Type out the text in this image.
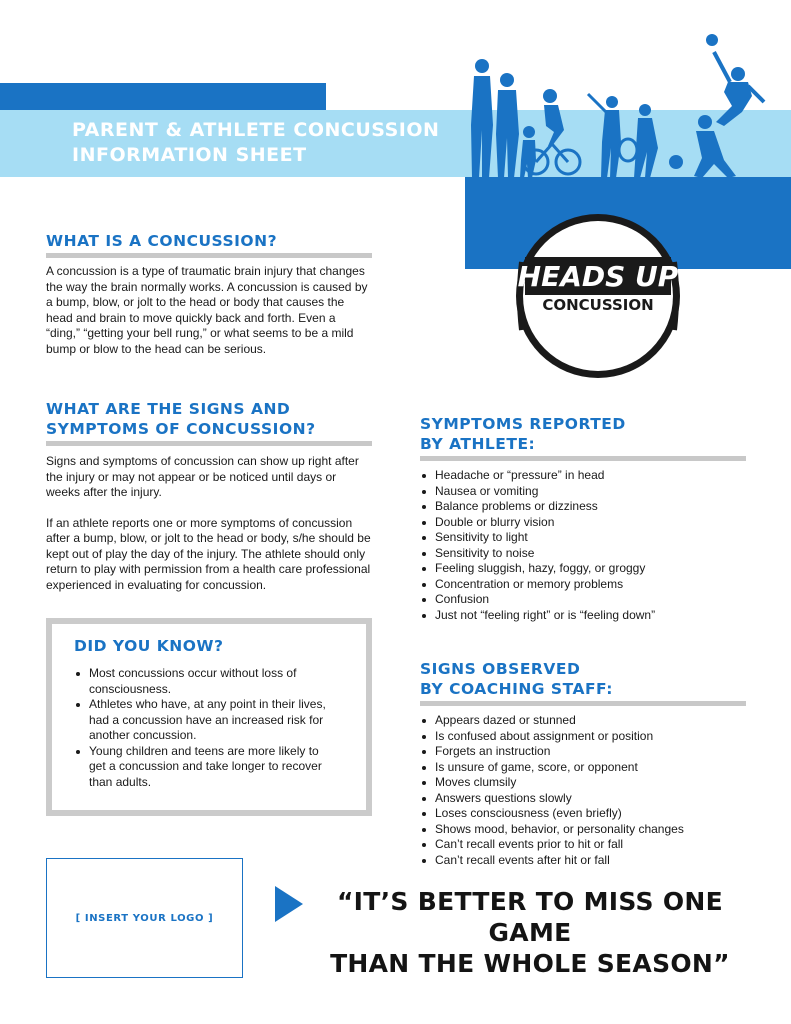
PARENT & ATHLETE CONCUSSION
INFORMATION SHEET
HEADS UP
CONCUSSION
WHAT IS A CONCUSSION?
A concussion is a type of traumatic brain injury that changes the way the brain normally works. A concussion is caused by a bump, blow, or jolt to the head or body that causes the head and brain to move quickly back and forth. Even a “ding,” “getting your bell rung,” or what seems to be a mild bump or blow to the head can be serious.
WHAT ARE THE SIGNS AND
SYMPTOMS OF CONCUSSION?
Signs and symptoms of concussion can show up right after the injury or may not appear or be noticed until days or weeks after the injury.
If an athlete reports one or more symptoms of concussion after a bump, blow, or jolt to the head or body, s/he should be kept out of play the day of the injury. The athlete should only return to play with permission from a health care professional experienced in evaluating for concussion.
DID YOU KNOW?
Most concussions occur without loss of consciousness.
Athletes who have, at any point in their lives, had a concussion have an increased risk for another concussion.
Young children and teens are more likely to get a concussion and take longer to recover than adults.
SYMPTOMS REPORTED
BY ATHLETE:
Headache or “pressure” in head
Nausea or vomiting
Balance problems or dizziness
Double or blurry vision
Sensitivity to light
Sensitivity to noise
Feeling sluggish, hazy, foggy, or groggy
Concentration or memory problems
Confusion
Just not “feeling right” or is “feeling down”
SIGNS OBSERVED
BY COACHING STAFF:
Appears dazed or stunned
Is confused about assignment or position
Forgets an instruction
Is unsure of game, score, or opponent
Moves clumsily
Answers questions slowly
Loses consciousness (even briefly)
Shows mood, behavior, or personality changes
Can’t recall events prior to hit or fall
Can’t recall events after hit or fall
[ INSERT YOUR LOGO ]
“IT’S BETTER TO MISS ONE GAME
THAN THE WHOLE SEASON”
